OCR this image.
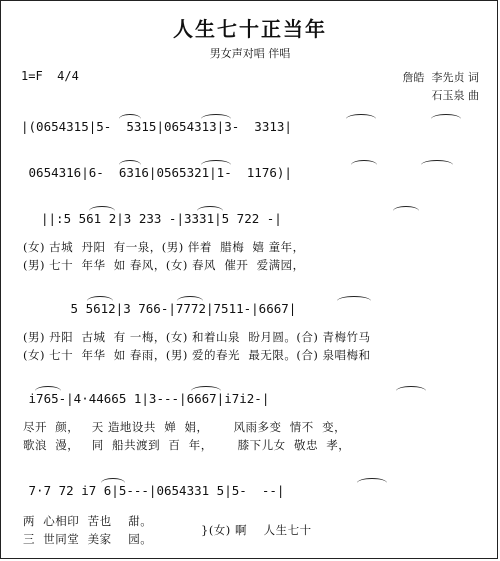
人生七十正当年
男女声对唱 伴唱
1=F  4/4	詹皓  李先贞 词
石玉泉 曲
|(0654315|5-  5315|0654313|3-  3313|
0654316|6-  6316|0565321|1-  1176)|
||:5 561 2|3 233 -|3331|5 722 -|
(女) 古城  丹阳  有一泉，(男) 伴着  腊梅  嬉 童年，
(男) 七十  年华  如 春风，(女) 春风  催开  爱满园，
5 5612|3 766-|7772|7511-|6667|
(男) 丹阳  古城  有 一梅，(女) 和着山泉  盼月圆。(合) 青梅竹马
(女) 七十  年华  如 春雨，(男) 爱的春光  最无限。(合) 泉唱梅和
i765-|4·44665 1|3---|6667|i7i2-|
尽开  颜，   天 造地设共  婵  娟，      风雨多变  情不  变，
歌浪  漫，   同  船共渡到  百  年，      膝下儿女  敬忠  孝，
7·7 72 i7 6|5---|0654331 5|5-  --|
两  心相印  苦也    甜。
三  世同堂  美家    园。
}(女) 啊    人生七十
